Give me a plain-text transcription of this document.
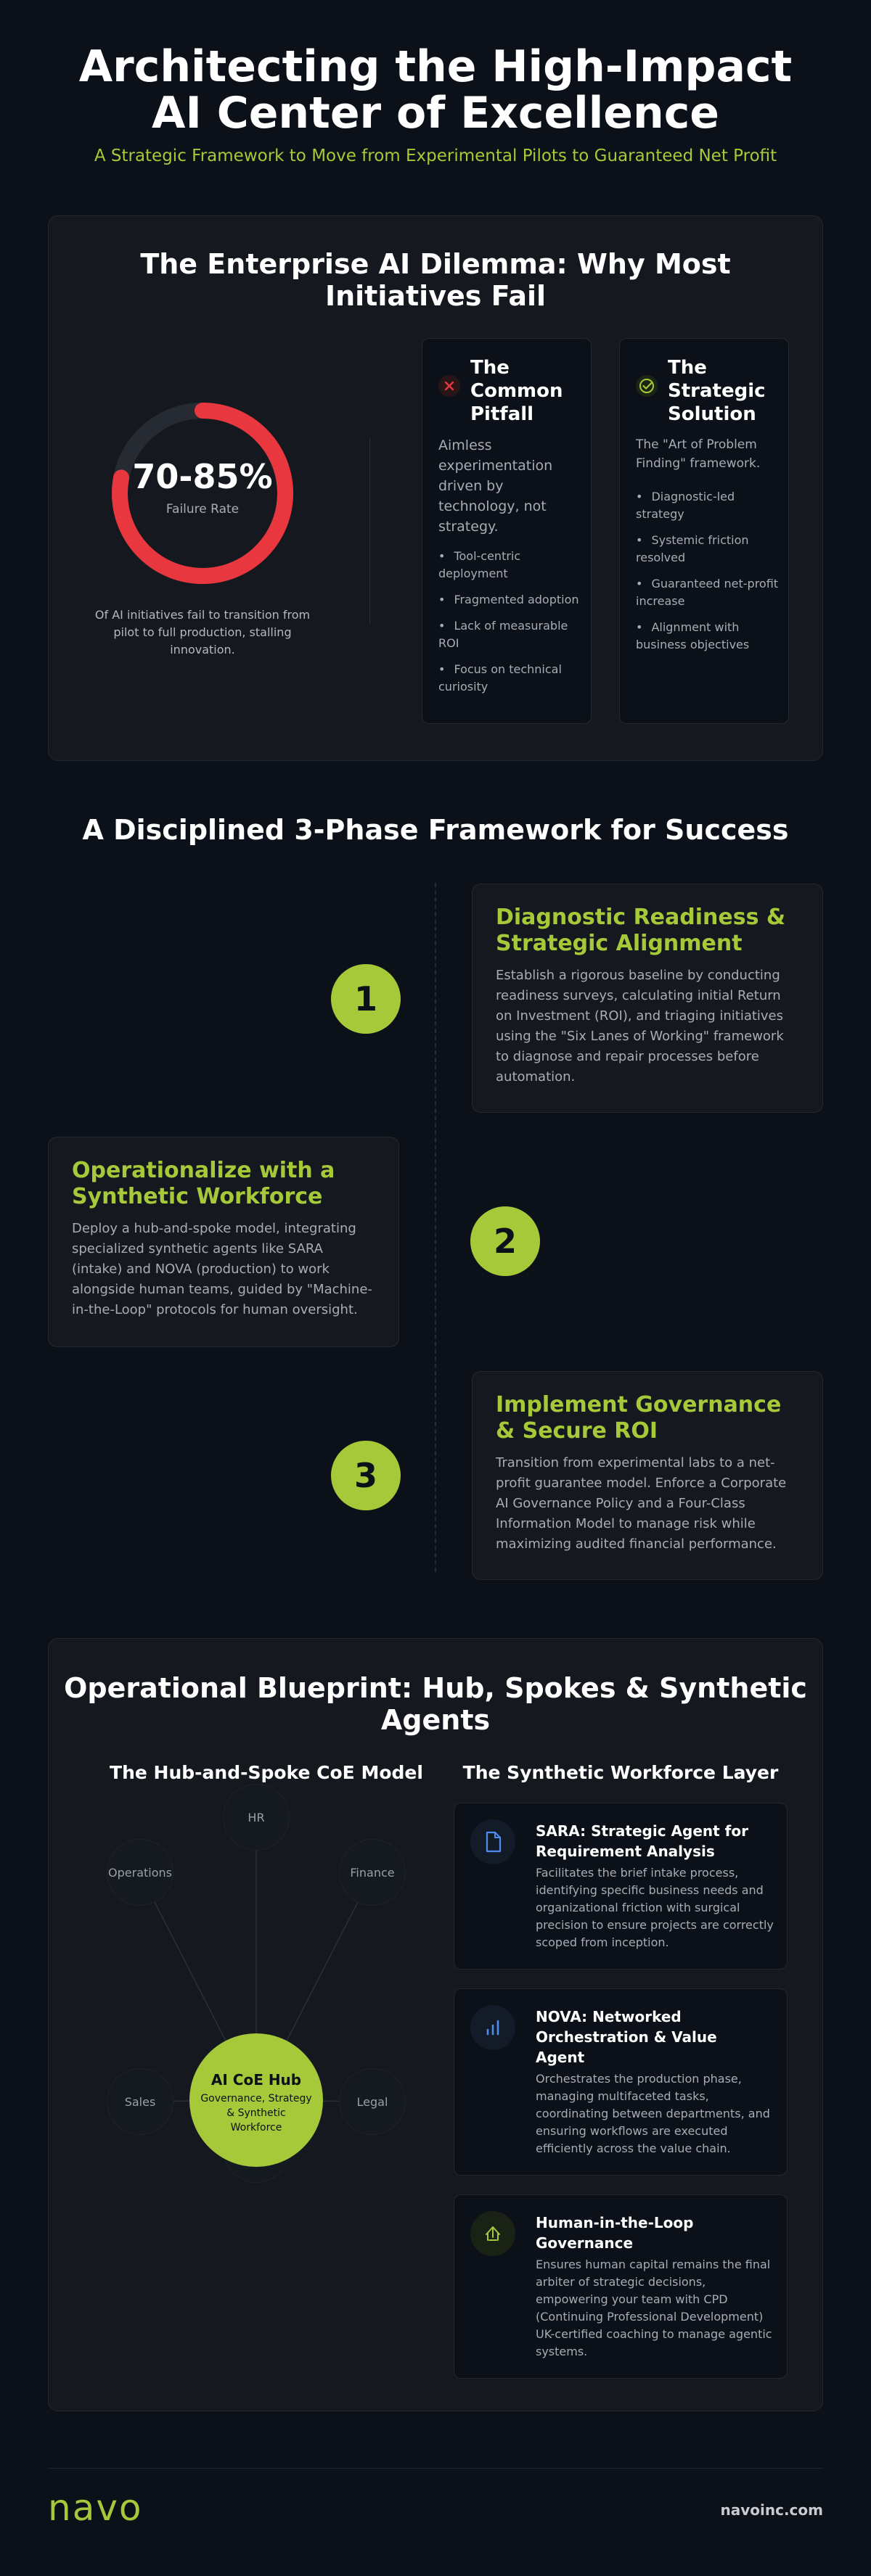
Architecting the High-Impact
AI Center of Excellence
A Strategic Framework to Move from Experimental Pilots to Guaranteed Net Profit
The Enterprise AI Dilemma: Why Most
Initiatives Fail
70-85%
Failure Rate
Of AI initiatives fail to transition from pilot to full production, stalling innovation.
The
Common
Pitfall
Aimless experimentation driven by technology, not strategy.
• Tool-centric deployment
• Fragmented adoption
• Lack of measurable ROI
• Focus on technical curiosity
The
Strategic
Solution
The "Art of Problem Finding" framework.
• Diagnostic-led strategy
• Systemic friction resolved
• Guaranteed net-profit increase
• Alignment with business objectives
A Disciplined 3-Phase Framework for Success
Diagnostic Readiness &
Strategic Alignment
Establish a rigorous baseline by conducting readiness surveys, calculating initial Return on Investment (ROI), and triaging initiatives using the "Six Lanes of Working" framework to diagnose and repair processes before automation.
1
Operationalize with a
Synthetic Workforce
Deploy a hub-and-spoke model, integrating specialized synthetic agents like SARA (intake) and NOVA (production) to work alongside human teams, guided by "Machine-in-the-Loop" protocols for human oversight.
2
Implement Governance
& Secure ROI
Transition from experimental labs to a net-profit guarantee model. Enforce a Corporate AI Governance Policy and a Four-Class Information Model to manage risk while maximizing audited financial performance.
3
Operational Blueprint: Hub, Spokes & Synthetic
Agents
The Hub-and-Spoke CoE Model
HR
Finance
Legal
Sales
Operations
AI CoE Hub
Governance, Strategy & Synthetic Workforce
The Synthetic Workforce Layer
SARA: Strategic Agent for
Requirement Analysis
Facilitates the brief intake process, identifying specific business needs and organizational friction with surgical precision to ensure projects are correctly scoped from inception.
NOVA: Networked
Orchestration & Value
Agent
Orchestrates the production phase, managing multifaceted tasks, coordinating between departments, and ensuring workflows are executed efficiently across the value chain.
Human-in-the-Loop
Governance
Ensures human capital remains the final arbiter of strategic decisions, empowering your team with CPD (Continuing Professional Development) UK-certified coaching to manage agentic systems.
navo	navoinc.com
